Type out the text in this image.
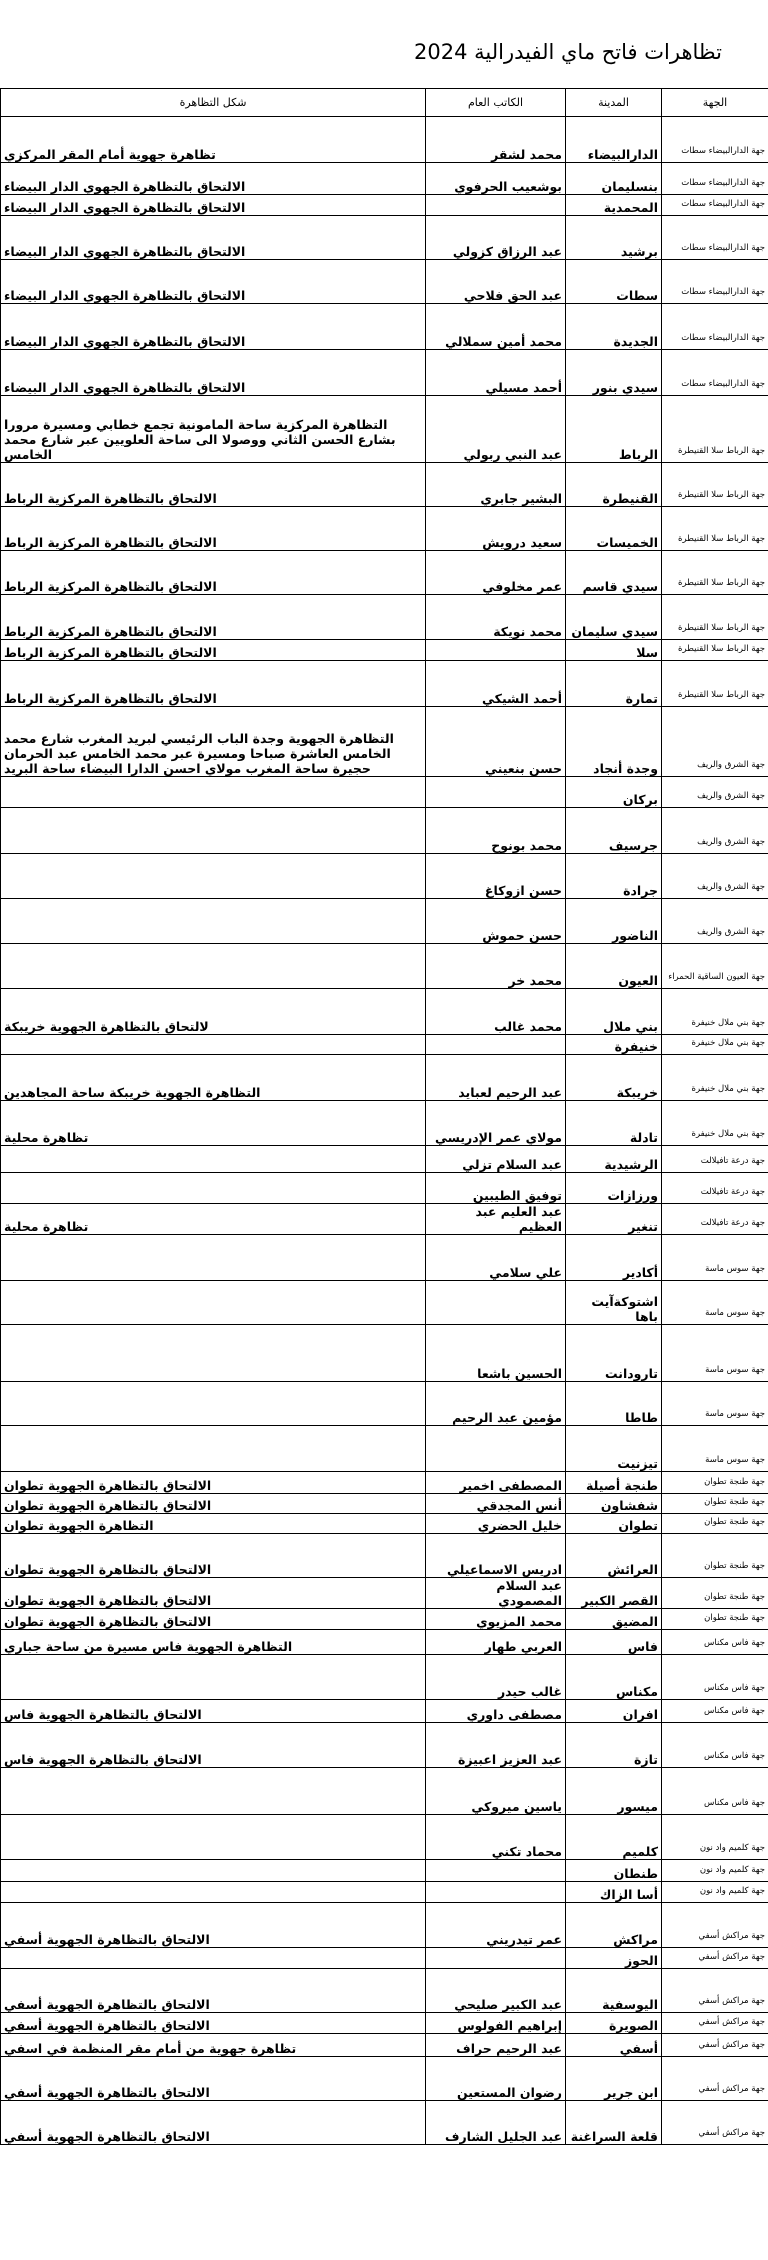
تظاهرات فاتح ماي الفيدرالية 2024
الجهة	المدينة	الكاتب العام	شكل التظاهرة
جهة الدارالبيضاء سطات	الدارالبيضاء	محمد لشقر	تظاهرة جهوية أمام المقر المركزي
جهة الدارالبيضاء سطات	بنسليمان	بوشعيب الحرفوي	الالتحاق بالتظاهرة الجهوي الدار البيضاء
جهة الدارالبيضاء سطات	المحمدية		الالتحاق بالتظاهرة الجهوي الدار البيضاء
جهة الدارالبيضاء سطات	برشيد	عبد الرزاق كزولي	الالتحاق بالتظاهرة الجهوي الدار البيضاء
جهة الدارالبيضاء سطات	سطات	عبد الحق فلاحي	الالتحاق بالتظاهرة الجهوي الدار البيضاء
جهة الدارالبيضاء سطات	الجديدة	محمد أمين سملالي	الالتحاق بالتظاهرة الجهوي الدار البيضاء
جهة الدارالبيضاء سطات	سيدي بنور	أحمد مسيلي	الالتحاق بالتظاهرة الجهوي الدار البيضاء
جهة الرباط سلا القنيطرة	الرباط	عبد النبي ربولي	التظاهرة المركزية ساحة المامونية تجمع خطابي ومسيرة مرورا بشارع الحسن الثاني ووصولا الى ساحة العلويين عبر شارع محمد الخامس
جهة الرباط سلا القنيطرة	القنيطرة	البشير جابري	الالتحاق بالتظاهرة المركزية الرباط
جهة الرباط سلا القنيطرة	الخميسات	سعيد درويش	الالتحاق بالتظاهرة المركزية الرباط
جهة الرباط سلا القنيطرة	سيدي قاسم	عمر مخلوفي	الالتحاق بالتظاهرة المركزية الرباط
جهة الرباط سلا القنيطرة	سيدي سليمان	محمد نويكة	الالتحاق بالتظاهرة المركزية الرباط
جهة الرباط سلا القنيطرة	سلا		الالتحاق بالتظاهرة المركزية الرباط
جهة الرباط سلا القنيطرة	تمارة	أحمد الشيكي	الالتحاق بالتظاهرة المركزية الرباط
جهة الشرق والريف	وجدة أنجاد	حسن بنعيني	التظاهرة الجهوية وجدة الباب الرئيسي لبريد المغرب شارع محمد الخامس العاشرة صباحا ومسيرة عبر محمد الخامس عبد الحرمان حجيرة ساحة المغرب مولاي احسن الدارا البيضاء ساحة البريد
جهة الشرق والريف	بركان		
جهة الشرق والريف	جرسيف	محمد بونوح	
جهة الشرق والريف	جرادة	حسن ازوكاغ	
جهة الشرق والريف	الناضور	حسن حموش	
جهة العيون الساقية الحمراء	العيون	محمد خر	
جهة بني ملال خنيفرة	بني ملال	محمد غالب	لالتحاق بالتظاهرة الجهوية خريبكة
جهة بني ملال خنيفرة	خنيفرة		
جهة بني ملال خنيفرة	خريبكة	عبد الرحيم لعبايد	التظاهرة الجهوية خريبكة ساحة المجاهدين
جهة بني ملال خنيفرة	تادلة	مولاي عمر الإدريسي	تظاهرة محلية
جهة درعة تافيلالت	الرشيدية	عبد السلام تزلي	
جهة درعة تافيلالت	ورزازات	توفيق الطيبين	
جهة درعة تافيلالت	تنغير	عبد العليم عبد العظيم	تظاهرة محلية
جهة سوس ماسة	أكادير	علي سلامي	
جهة سوس ماسة	اشتوكةآيت باها		
جهة سوس ماسة	تارودانت	الحسين باشعا	
جهة سوس ماسة	طاطا	مؤمين عبد الرحيم	
جهة سوس ماسة	تيزنيت		
جهة طنجة تطوان	طنجة أصيلة	المصطفى اخمير	الالتحاق بالتظاهرة الجهوية تطوان
جهة طنجة تطوان	شفشاون	أنس المجدقي	الالتحاق بالتظاهرة الجهوية تطوان
جهة طنجة تطوان	تطوان	خليل الحضري	التظاهرة الجهوية تطوان
جهة طنجة تطوان	العرائش	ادريس الاسماعيلي	الالتحاق بالتظاهرة الجهوية تطوان
جهة طنجة تطوان	القصر الكبير	عبد السلام المصمودي	الالتحاق بالتظاهرة الجهوية تطوان
جهة طنجة تطوان	المضيق	محمد المزيوي	الالتحاق بالتظاهرة الجهوية تطوان
جهة فاس مكناس	فاس	العربي طهار	التظاهرة الجهوية فاس مسيرة من ساحة جباري
جهة فاس مكناس	مكناس	غالب حيدر	
جهة فاس مكناس	افران	مصطفى داوري	الالتحاق بالتظاهرة الجهوية فاس
جهة فاس مكناس	تازة	عبد العزيز اعبيزة	الالتحاق بالتظاهرة الجهوية فاس
جهة فاس مكناس	ميسور	ياسين ميروكي	
جهة كلميم واد نون	كلميم	محماد تكني	
جهة كلميم واد نون	طنطان		
جهة كلميم واد نون	أسا الزاك		
جهة مراكش أسفي	مراكش	عمر تيدريني	الالتحاق بالتظاهرة الجهوية أسفي
جهة مراكش أسفي	الحوز		
جهة مراكش أسفي	اليوسفية	عبد الكبير صليحي	الالتحاق بالتظاهرة الجهوية أسفي
جهة مراكش أسفي	الصويرة	إبراهيم الفولوس	الالتحاق بالتظاهرة الجهوية أسفي
جهة مراكش أسفي	أسفي	عبد الرحيم حراف	تظاهرة جهوية من أمام مقر المنظمة في اسفي
جهة مراكش أسفي	ابن جرير	رضوان المستعين	الالتحاق بالتظاهرة الجهوية أسفي
جهة مراكش أسفي	قلعة السراغنة	عبد الجليل الشارف	الالتحاق بالتظاهرة الجهوية أسفي
